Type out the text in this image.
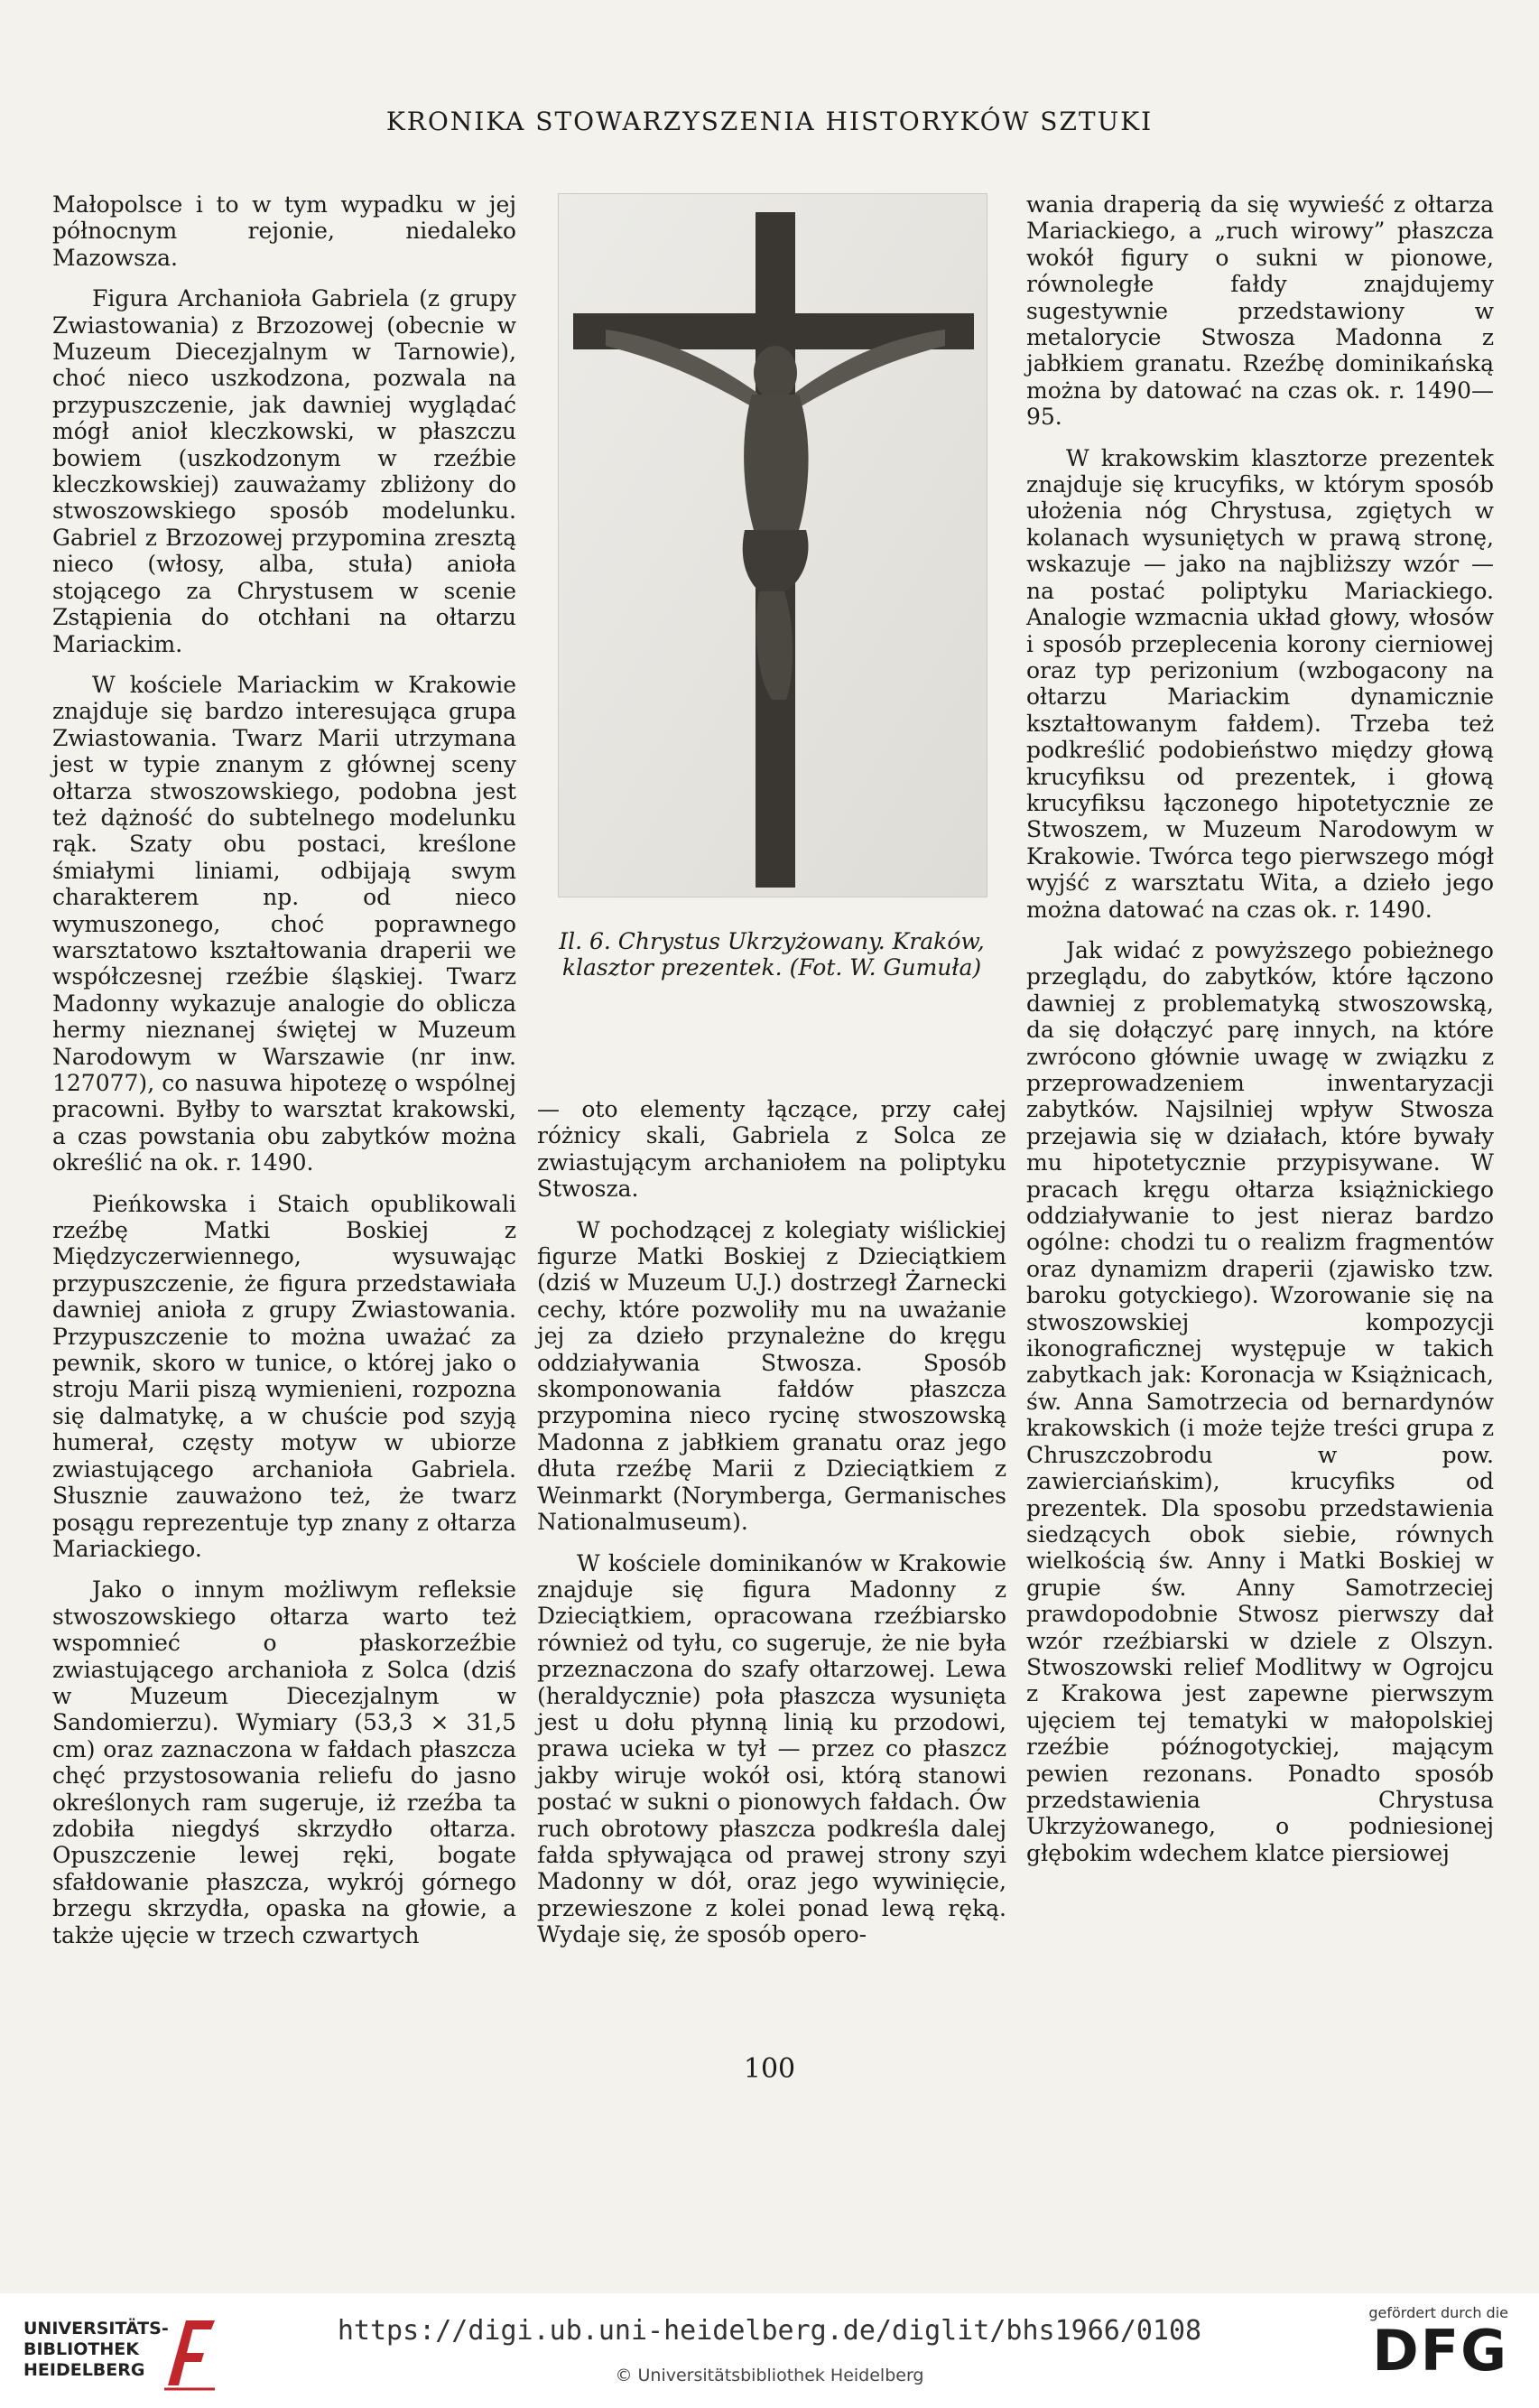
KRONIKA STOWARZYSZENIA HISTORYKÓW SZTUKI

Małopolsce i to w tym wypadku w jej północnym rejonie, niedaleko Mazowsza.

Figura Archanioła Gabriela (z grupy Zwiastowania) z Brzozowej (obecnie w Muzeum Diecezjalnym w Tarnowie), choć nieco uszkodzona, pozwala na przypuszczenie, jak dawniej wyglądać mógł anioł kleczkowski, w płaszczu bowiem (uszkodzonym w rzeźbie kleczkowskiej) zauważamy zbliżony do stwoszowskiego sposób modelunku. Gabriel z Brzozowej przypomina zresztą nieco (włosy, alba, stuła) anioła stojącego za Chrystusem w scenie Zstąpienia do otchłani na ołtarzu Mariackim.

W kościele Mariackim w Krakowie znajduje się bardzo interesująca grupa Zwiastowania. Twarz Marii utrzymana jest w typie znanym z głównej sceny ołtarza stwoszowskiego, podobna jest też dążność do subtelnego modelunku rąk. Szaty obu postaci, kreślone śmiałymi liniami, odbijają swym charakterem np. od nieco wymuszonego, choć poprawnego warsztatowo kształtowania draperii we współczesnej rzeźbie śląskiej. Twarz Madonny wykazuje analogie do oblicza hermy nieznanej świętej w Muzeum Narodowym w Warszawie (nr inw. 127077), co nasuwa hipotezę o wspólnej pracowni. Byłby to warsztat krakowski, a czas powstania obu zabytków można określić na ok. r. 1490.

Pieńkowska i Staich opublikowali rzeźbę Matki Boskiej z Międzyczerwiennego, wysuwając przypuszczenie, że figura przedstawiała dawniej anioła z grupy Zwiastowania. Przypuszczenie to można uważać za pewnik, skoro w tunice, o której jako o stroju Marii piszą wymienieni, rozpozna się dalmatykę, a w chuście pod szyją humerał, częsty motyw w ubiorze zwiastującego archanioła Gabriela. Słusznie zauważono też, że twarz posągu reprezentuje typ znany z ołtarza Mariackiego.

Jako o innym możliwym refleksie stwoszowskiego ołtarza warto też wspomnieć o płaskorzeźbie zwiastującego archanioła z Solca (dziś w Muzeum Diecezjalnym w Sandomierzu). Wymiary (53,3 × 31,5 cm) oraz zaznaczona w fałdach płaszcza chęć przystosowania reliefu do jasno określonych ram sugeruje, iż rzeźba ta zdobiła niegdyś skrzydło ołtarza. Opuszczenie lewej ręki, bogate sfałdowanie płaszcza, wykrój górnego brzegu skrzydła, opaska na głowie, a także ujęcie w trzech czwartych

Il. 6. Chrystus Ukrzyżowany. Kraków, klasztor prezentek. (Fot. W. Gumuła)

— oto elementy łączące, przy całej różnicy skali, Gabriela z Solca ze zwiastującym archaniołem na poliptyku Stwosza.

W pochodzącej z kolegiaty wiślickiej figurze Matki Boskiej z Dzieciątkiem (dziś w Muzeum U.J.) dostrzegł Żarnecki cechy, które pozwoliły mu na uważanie jej za dzieło przynależne do kręgu oddziaływania Stwosza. Sposób skomponowania fałdów płaszcza przypomina nieco rycinę stwoszowską Madonna z jabłkiem granatu oraz jego dłuta rzeźbę Marii z Dzieciątkiem z Weinmarkt (Norymberga, Germanisches Nationalmuseum).

W kościele dominikanów w Krakowie znajduje się figura Madonny z Dzieciątkiem, opracowana rzeźbiarsko również od tyłu, co sugeruje, że nie była przeznaczona do szafy ołtarzowej. Lewa (heraldycznie) poła płaszcza wysunięta jest u dołu płynną linią ku przodowi, prawa ucieka w tył — przez co płaszcz jakby wiruje wokół osi, którą stanowi postać w sukni o pionowych fałdach. Ów ruch obrotowy płaszcza podkreśla dalej fałda spływająca od prawej strony szyi Madonny w dół, oraz jego wywinięcie, przewieszone z kolei ponad lewą ręką. Wydaje się, że sposób opero-

wania draperią da się wywieść z ołtarza Mariackiego, a „ruch wirowy” płaszcza wokół figury o sukni w pionowe, równoległe fałdy znajdujemy sugestywnie przedstawiony w metalorycie Stwosza Madonna z jabłkiem granatu. Rzeźbę dominikańską można by datować na czas ok. r. 1490—95.

W krakowskim klasztorze prezentek znajduje się krucyfiks, w którym sposób ułożenia nóg Chrystusa, zgiętych w kolanach wysuniętych w prawą stronę, wskazuje — jako na najbliższy wzór — na postać poliptyku Mariackiego. Analogie wzmacnia układ głowy, włosów i sposób przeplecenia korony cierniowej oraz typ perizonium (wzbogacony na ołtarzu Mariackim dynamicznie kształtowanym fałdem). Trzeba też podkreślić podobieństwo między głową krucyfiksu od prezentek, i głową krucyfiksu łączonego hipotetycznie ze Stwoszem, w Muzeum Narodowym w Krakowie. Twórca tego pierwszego mógł wyjść z warsztatu Wita, a dzieło jego można datować na czas ok. r. 1490.

Jak widać z powyższego pobieżnego przeglądu, do zabytków, które łączono dawniej z problematyką stwoszowską, da się dołączyć parę innych, na które zwrócono głównie uwagę w związku z przeprowadzeniem inwentaryzacji zabytków. Najsilniej wpływ Stwosza przejawia się w działach, które bywały mu hipotetycznie przypisywane. W pracach kręgu ołtarza książnickiego oddziaływanie to jest nieraz bardzo ogólne: chodzi tu o realizm fragmentów oraz dynamizm draperii (zjawisko tzw. baroku gotyckiego). Wzorowanie się na stwoszowskiej kompozycji ikonograficznej występuje w takich zabytkach jak: Koronacja w Książnicach, św. Anna Samotrzecia od bernardynów krakowskich (i może tejże treści grupa z Chruszczobrodu w pow. zawierciańskim), krucyfiks od prezentek. Dla sposobu przedstawienia siedzących obok siebie, równych wielkością św. Anny i Matki Boskiej w grupie św. Anny Samotrzeciej prawdopodobnie Stwosz pierwszy dał wzór rzeźbiarski w dziele z Olszyn. Stwoszowski relief Modlitwy w Ogrojcu z Krakowa jest zapewne pierwszym ujęciem tej tematyki w małopolskiej rzeźbie późnogotyckiej, mającym pewien rezonans. Ponadto sposób przedstawienia Chrystusa Ukrzyżowanego, o podniesionej głębokim wdechem klatce piersiowej

100
UNIVERSITÄTS-
BIBLIOTHEK
HEIDELBERG
https://digi.ub.uni-heidelberg.de/diglit/bhs1966/0108
© Universitätsbibliothek Heidelberg
gefördert durch die
DFG
